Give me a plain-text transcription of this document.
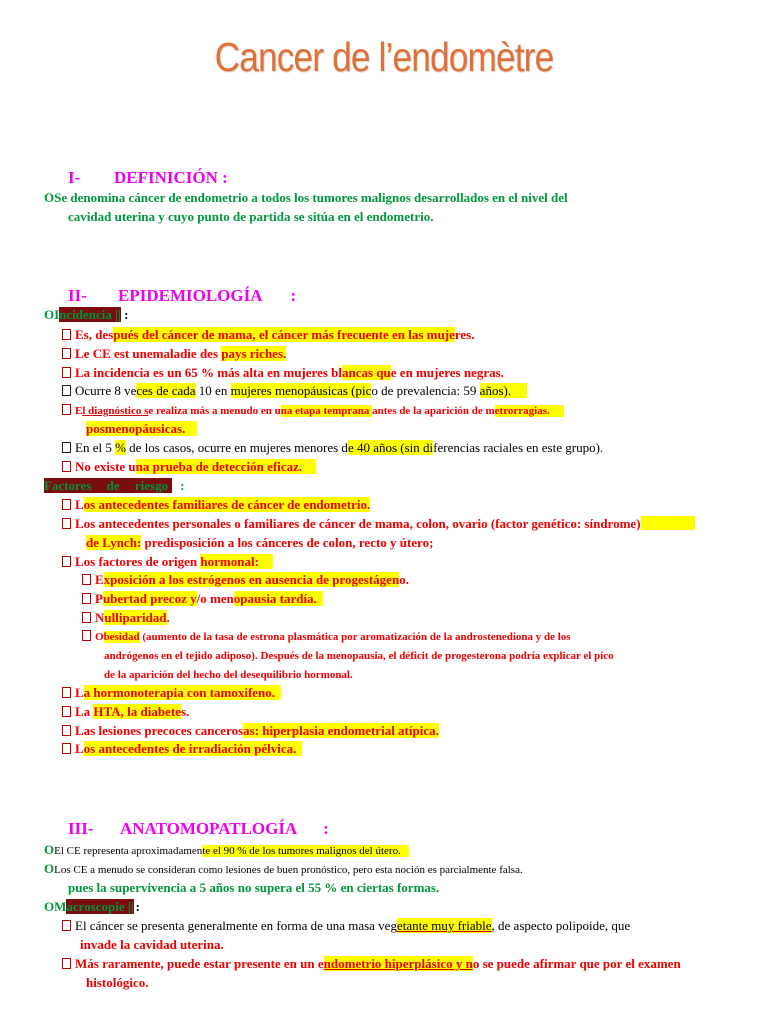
Cancer de l’endomètre
I- DEFINICIÓN :
OSe denomina cáncer de endometrio a todos los tumores malignos desarrollados en el nivel del
cavidad uterina y cuyo punto de partida se sitúa en el endometrio.
II- EPIDEMIOLOGÍA :
OIncidencia || :
Es, después del cáncer de mama, el cáncer más frecuente en las mujeres.
Le CE est unemaladie des pays riches.
La incidencia es un 65 % más alta en mujeres blancas que en mujeres negras.
Ocurre 8 veces de cada 10 en mujeres menopáusicas (pico de prevalencia: 59 años).
El diagnóstico se realiza más a menudo en una etapa temprana antes de la aparición de metrorragias.
posmenopáusicas.
En el 5 % de los casos, ocurre en mujeres menores de 40 años (sin diferencias raciales en este grupo).
No existe una prueba de detección eficaz.
Factores de riesgo :
Los antecedentes familiares de cáncer de endometrio.
Los antecedentes personales o familiares de cáncer de mama, colon, ovario (factor genético: síndrome)
de Lynch: predisposición a los cánceres de colon, recto y útero;
Los factores de origen hormonal:
Exposición a los estrógenos en ausencia de progestágeno.
Pubertad precoz y/o menopausia tardía.
Nulliparidad.
Obesidad (aumento de la tasa de estrona plasmática por aromatización de la androstenediona y de los
andrógenos en el tejido adiposo). Después de la menopausia, el déficit de progesterona podría explicar el pico
de la aparición del hecho del desequilibrio hormonal.
La hormonoterapia con tamoxifeno.
La HTA, la diabetes.
Las lesiones precoces cancerosas: hiperplasia endometrial atípica.
Los antecedentes de irradiación pélvica.
III- ANATOMOPATLOGÍA :
OEl CE representa aproximadamente el 90 % de los tumores malignos del útero.
OLos CE a menudo se consideran como lesiones de buen pronóstico, pero esta noción es parcialmente falsa.
pues la supervivencia a 5 años no supera el 55 % en ciertas formas.
OMacroscopie || :
El cáncer se presenta generalmente en forma de una masa vegetante muy friable, de aspecto polipoide, que
invade la cavidad uterina.
Más raramente, puede estar presente en un endometrio hiperplásico y no se puede afirmar que por el examen
histológico.
